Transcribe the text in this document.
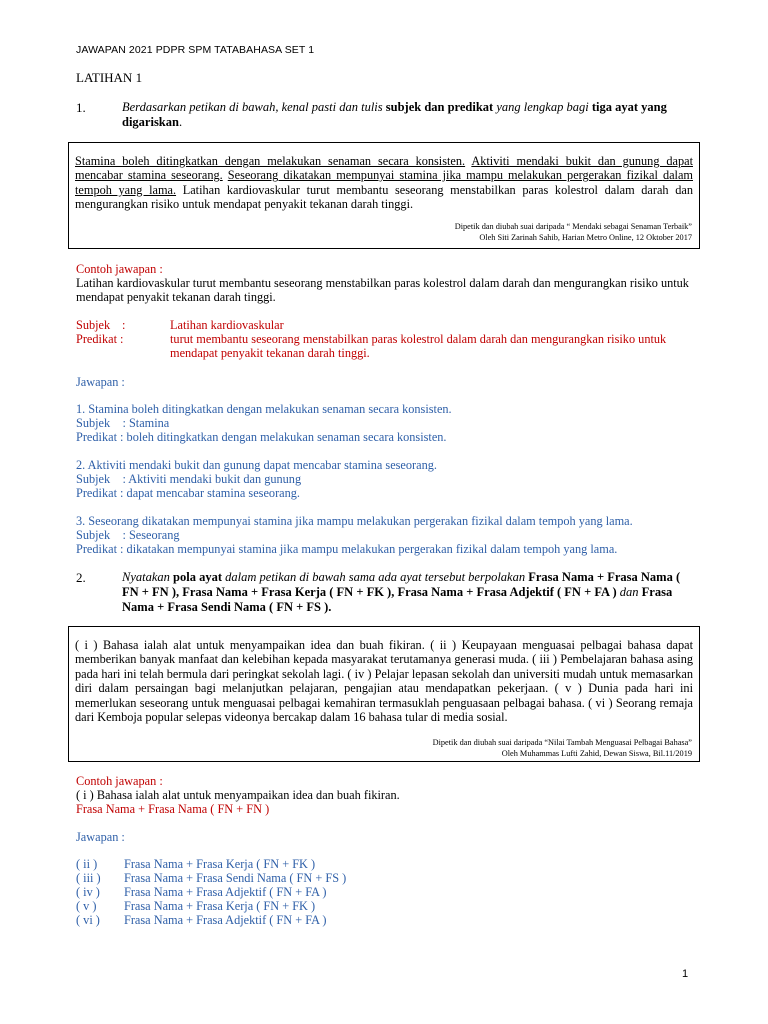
JAWAPAN 2021 PDPR SPM TATABAHASA SET 1
LATIHAN 1
1.	Berdasarkan petikan di bawah, kenal pasti dan tulis subjek dan predikat yang lengkap bagi tiga ayat yang digariskan.
Stamina boleh ditingkatkan dengan melakukan senaman secara konsisten. Aktiviti mendaki bukit dan gunung dapat mencabar stamina seseorang. Seseorang dikatakan mempunyai stamina jika mampu melakukan pergerakan fizikal dalam tempoh yang lama. Latihan kardiovaskular turut membantu seseorang menstabilkan paras kolestrol dalam darah dan mengurangkan risiko untuk mendapat penyakit tekanan darah tinggi.
Dipetik dan diubah suai daripada “ Mendaki sebagai Senaman Terbaik”
Oleh Siti Zarinah Sahib, Harian Metro Online, 12 Oktober 2017
Contoh jawapan :
Latihan kardiovaskular turut membantu seseorang menstabilkan paras kolestrol dalam darah dan mengurangkan risiko untuk mendapat penyakit tekanan darah tinggi.
Subjek :	Latihan kardiovaskular
Predikat :	turut membantu seseorang menstabilkan paras kolestrol dalam darah dan mengurangkan risiko untuk
mendapat penyakit tekanan darah tinggi.
Jawapan :
1. Stamina boleh ditingkatkan dengan melakukan senaman secara konsisten.
Subjek    : Stamina
Predikat : boleh ditingkatkan dengan melakukan senaman secara konsisten.
2. Aktiviti mendaki bukit dan gunung dapat mencabar stamina seseorang.
Subjek    : Aktiviti mendaki bukit dan gunung
Predikat : dapat mencabar stamina seseorang.
3. Seseorang dikatakan mempunyai stamina jika mampu melakukan pergerakan fizikal dalam tempoh yang lama.
Subjek    : Seseorang
Predikat : dikatakan mempunyai stamina jika mampu melakukan pergerakan fizikal dalam tempoh yang lama.
2.	Nyatakan pola ayat dalam petikan di bawah sama ada ayat tersebut berpolakan Frasa Nama + Frasa Nama ( FN + FN ), Frasa Nama + Frasa Kerja ( FN + FK ), Frasa Nama + Frasa Adjektif ( FN + FA ) dan Frasa Nama + Frasa Sendi Nama ( FN + FS ).
( i ) Bahasa ialah alat untuk menyampaikan idea dan buah fikiran. ( ii ) Keupayaan menguasai pelbagai bahasa dapat memberikan banyak manfaat dan kelebihan kepada masyarakat terutamanya generasi muda. ( iii ) Pembelajaran bahasa asing pada hari ini telah bermula dari peringkat sekolah lagi. ( iv ) Pelajar lepasan sekolah dan universiti mudah untuk memasarkan diri dalam persaingan bagi melanjutkan pelajaran, pengajian atau mendapatkan pekerjaan. ( v ) Dunia pada hari ini memerlukan seseorang untuk menguasai pelbagai kemahiran termasuklah penguasaan pelbagai bahasa. ( vi ) Seorang remaja dari Kemboja popular selepas videonya bercakap dalam 16 bahasa tular di media sosial.
Dipetik dan diubah suai daripada “Nilai Tambah Menguasai Pelbagai Bahasa”
Oleh Muhammas Lufti Zahid, Dewan Siswa, Bil.11/2019
Contoh jawapan :
( i ) Bahasa ialah alat untuk menyampaikan idea dan buah fikiran.
Frasa Nama + Frasa Nama ( FN + FN )
Jawapan :
( ii ) Frasa Nama + Frasa Kerja ( FN + FK )
( iii ) Frasa Nama + Frasa Sendi Nama ( FN + FS )
( iv ) Frasa Nama + Frasa Adjektif ( FN + FA )
( v ) Frasa Nama + Frasa Kerja ( FN + FK )
( vi ) Frasa Nama + Frasa Adjektif ( FN + FA )
1
